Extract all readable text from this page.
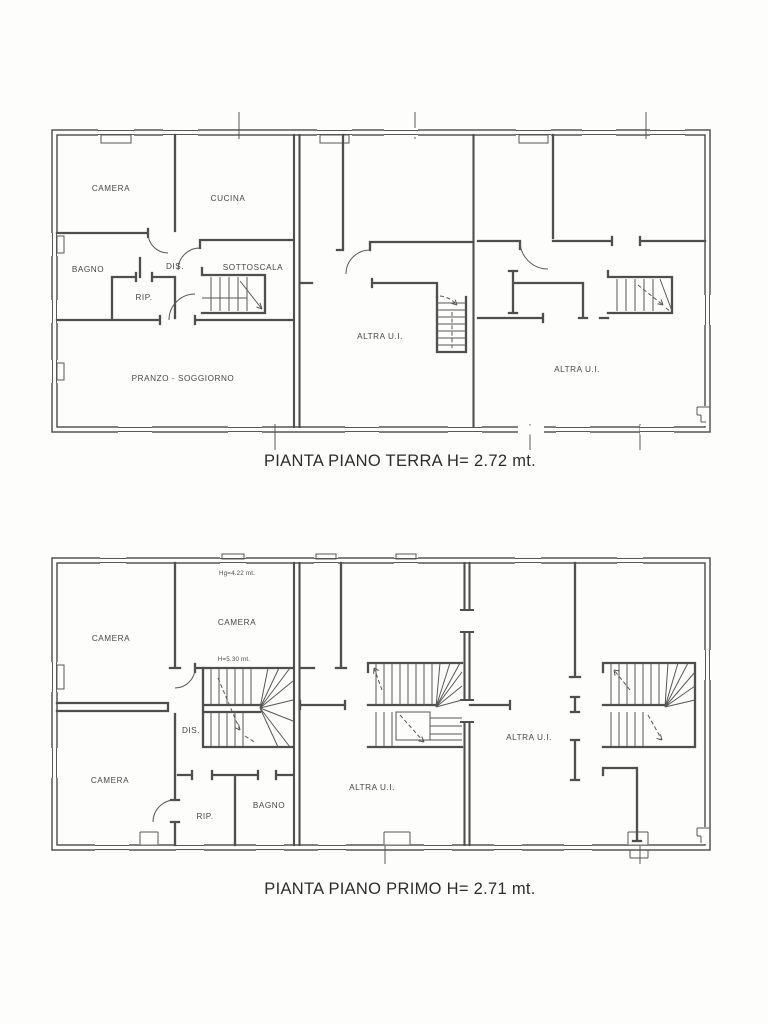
CAMERA
CUCINA
BAGNO	DIS.
RIP.
SOTTOSCALA
PRANZO - SOGGIORNO
ALTRA U.I.
ALTRA U.I.
PIANTA PIANO TERRA H= 2.72 mt.
CAMERA
CAMERA
Hg=4.22 mt.
H=5.30 mt.
DIS.
CAMERA
RIP.
BAGNO
ALTRA U.I.
ALTRA U.I.
PIANTA PIANO PRIMO H= 2.71 mt.
